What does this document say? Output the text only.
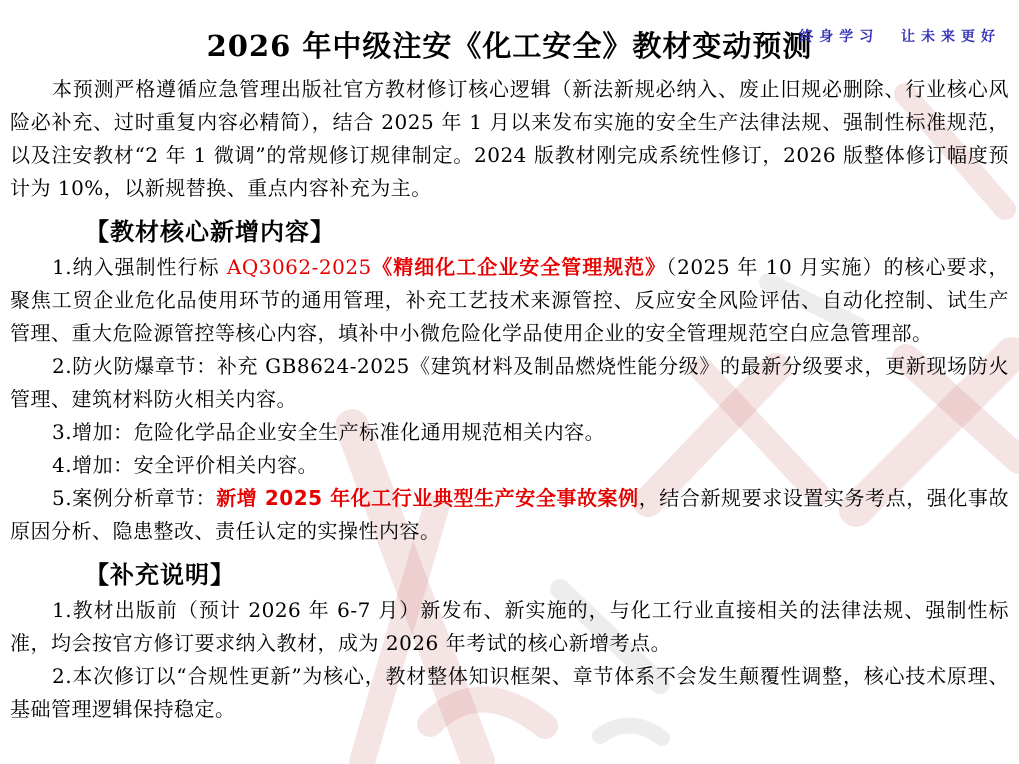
终身学习  让未来更好
2026 年中级注安《化工安全》教材变动预测

本预测严格遵循应急管理出版社官方教材修订核心逻辑（新法新规必纳入、废止旧规必删除、行业核心风险必补充、过时重复内容必精简），结合 2025 年 1 月以来发布实施的安全生产法律法规、强制性标准规范，以及注安教材“2 年 1 微调”的常规修订规律制定。2024 版教材刚完成系统性修订，2026 版整体修订幅度预计为 10%，以新规替换、重点内容补充为主。

【教材核心新增内容】

1.纳入强制性行标 AQ3062-2025《精细化工企业安全管理规范》（2025 年 10 月实施）的核心要求，聚焦工贸企业危化品使用环节的通用管理，补充工艺技术来源管控、反应安全风险评估、自动化控制、试生产管理、重大危险源管控等核心内容，填补中小微危险化学品使用企业的安全管理规范空白应急管理部。

2.防火防爆章节：补充 GB8624-2025《建筑材料及制品燃烧性能分级》的最新分级要求，更新现场防火管理、建筑材料防火相关内容。

3.增加：危险化学品企业安全生产标准化通用规范相关内容。

4.增加：安全评价相关内容。

5.案例分析章节：新增 2025 年化工行业典型生产安全事故案例，结合新规要求设置实务考点，强化事故原因分析、隐患整改、责任认定的实操性内容。

【补充说明】

1.教材出版前（预计 2026 年 6-7 月）新发布、新实施的，与化工行业直接相关的法律法规、强制性标准，均会按官方修订要求纳入教材，成为 2026 年考试的核心新增考点。

2.本次修订以“合规性更新”为核心，教材整体知识框架、章节体系不会发生颠覆性调整，核心技术原理、基础管理逻辑保持稳定。
